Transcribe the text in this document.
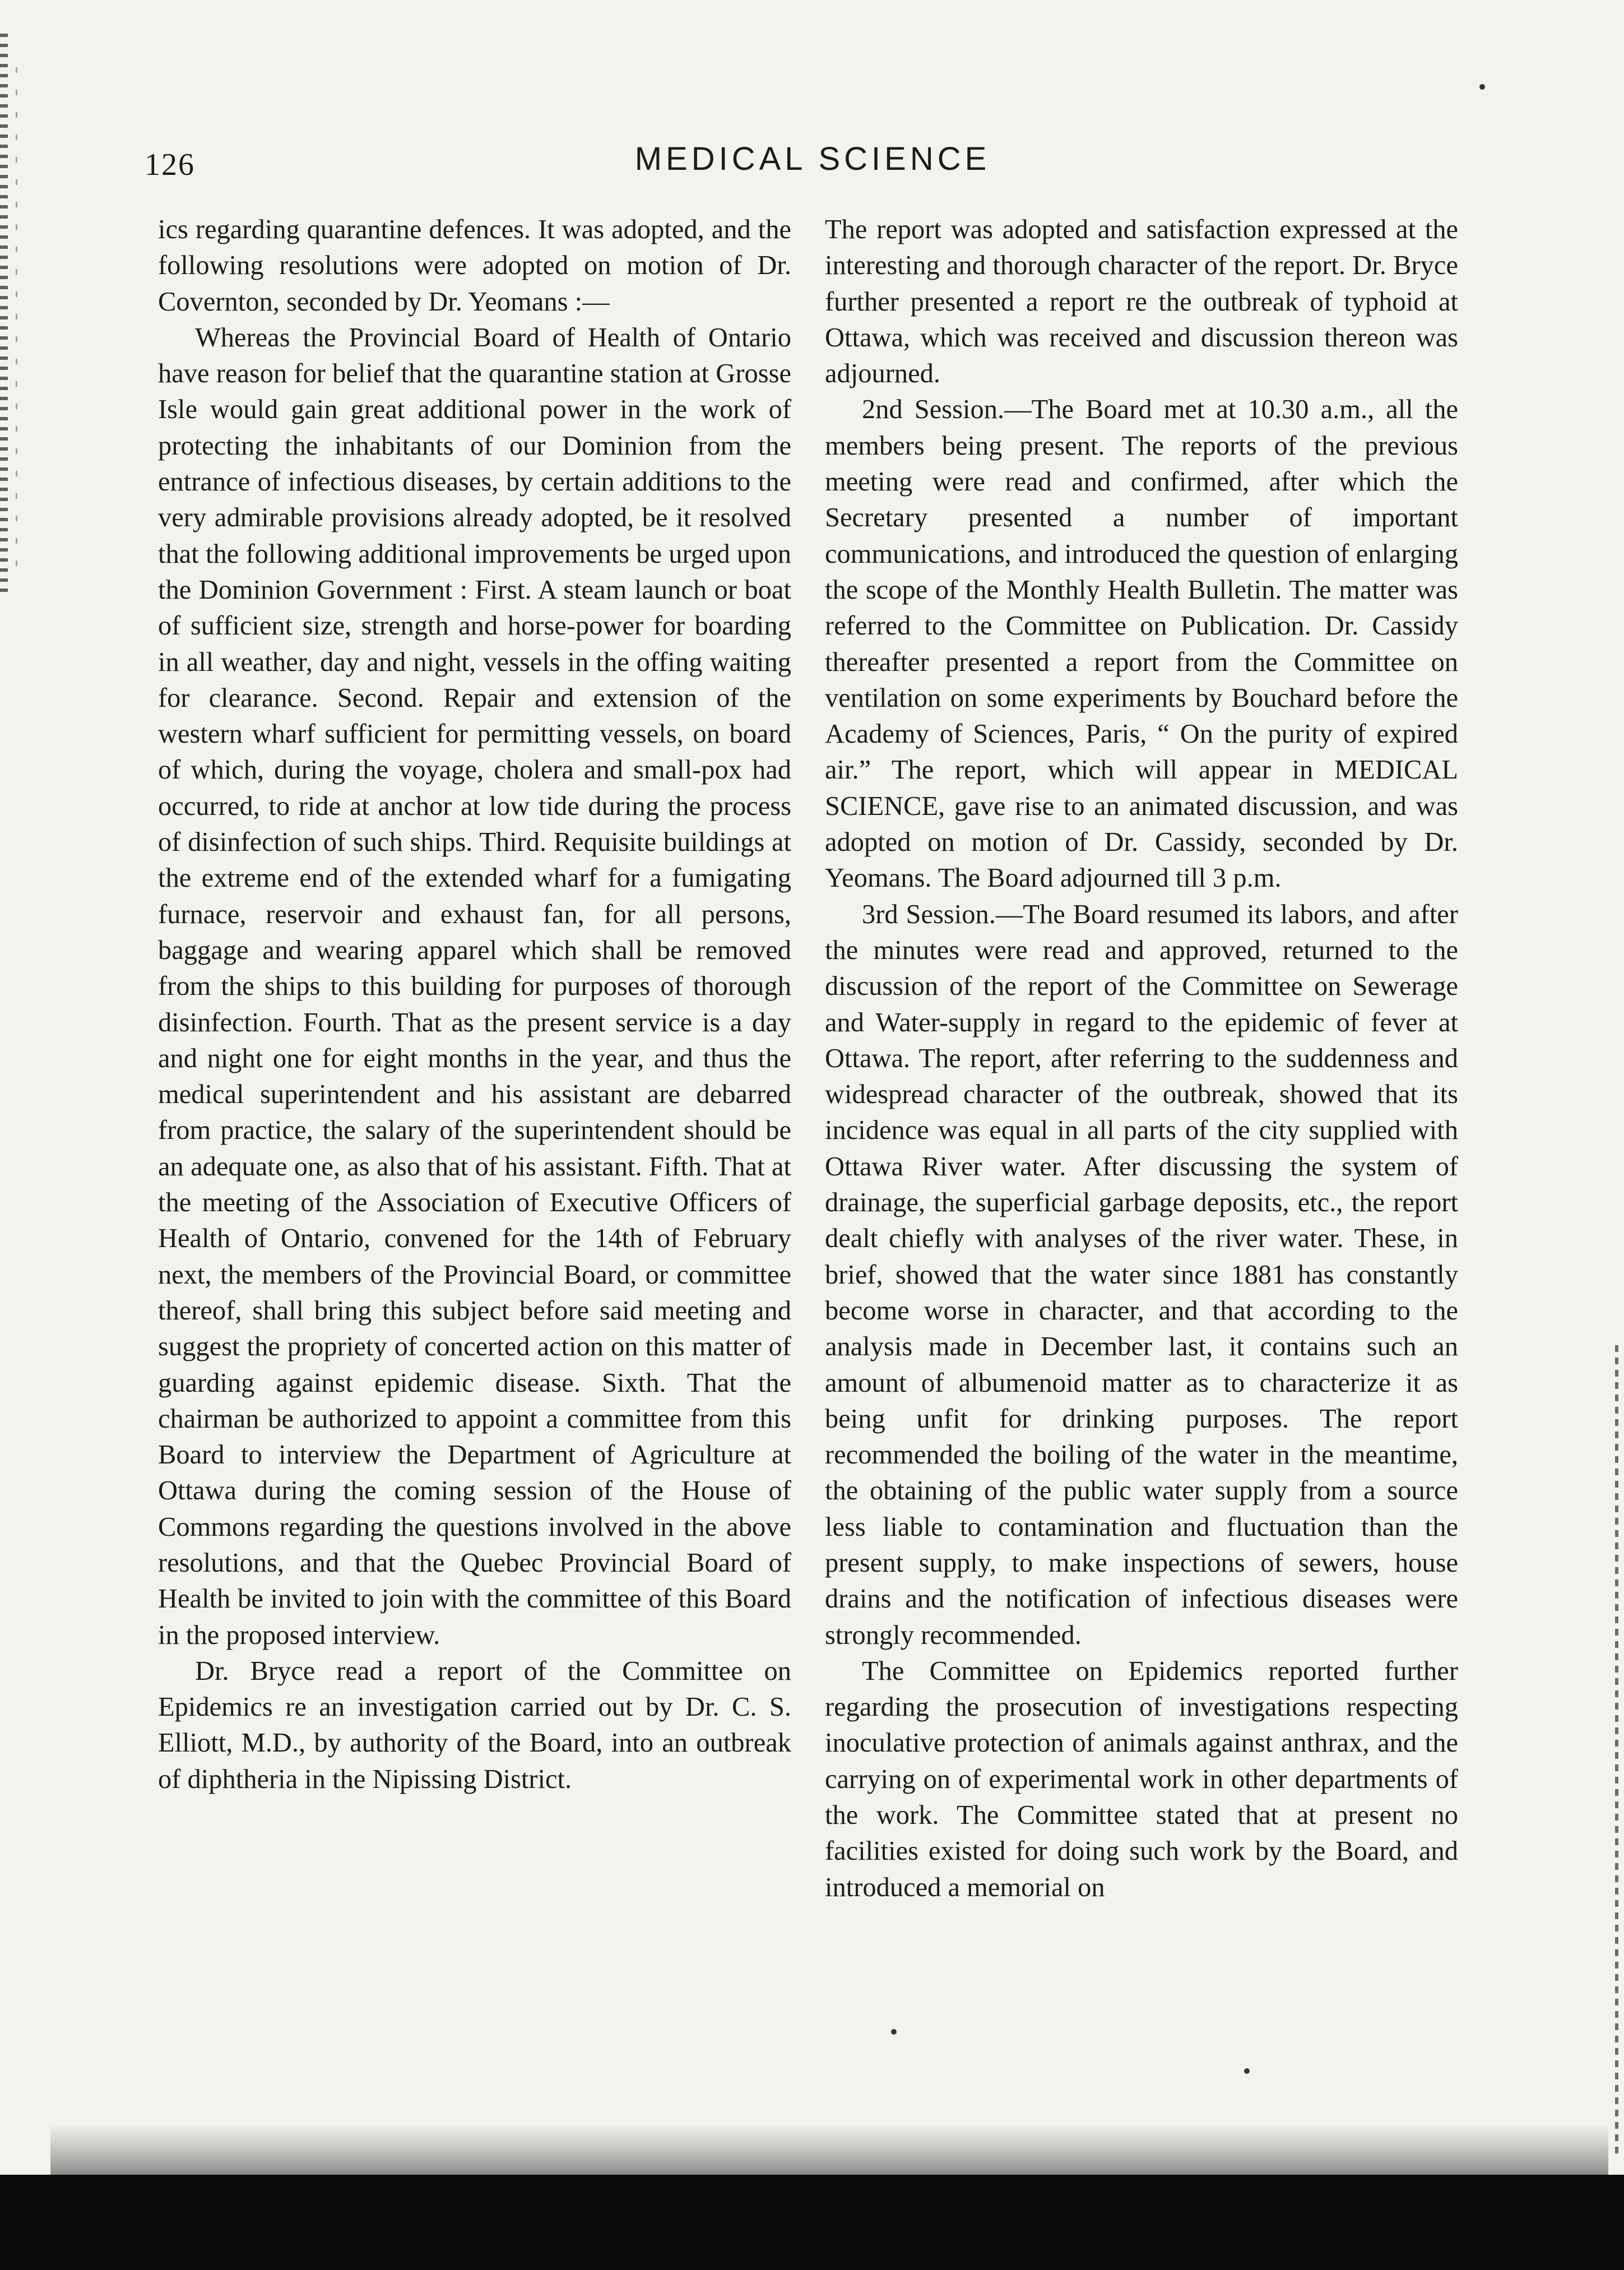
126	MEDICAL SCIENCE

ics regarding quarantine defences. It was adopted, and the following resolutions were adopted on motion of Dr. Covernton, seconded by Dr. Yeomans :—

Whereas the Provincial Board of Health of Ontario have reason for belief that the quarantine station at Grosse Isle would gain great additional power in the work of protecting the inhabitants of our Dominion from the entrance of infectious diseases, by certain additions to the very admirable provisions already adopted, be it resolved that the following additional improvements be urged upon the Dominion Government : First. A steam launch or boat of sufficient size, strength and horse-power for boarding in all weather, day and night, vessels in the offing waiting for clearance. Second. Repair and extension of the western wharf sufficient for permitting vessels, on board of which, during the voyage, cholera and small-pox had occurred, to ride at anchor at low tide during the process of disinfection of such ships. Third. Requisite buildings at the extreme end of the extended wharf for a fumigating furnace, reservoir and exhaust fan, for all persons, baggage and wearing apparel which shall be removed from the ships to this building for purposes of thorough disinfection. Fourth. That as the present service is a day and night one for eight months in the year, and thus the medical superintendent and his assistant are debarred from practice, the salary of the superintendent should be an adequate one, as also that of his assistant. Fifth. That at the meeting of the Association of Executive Officers of Health of Ontario, convened for the 14th of February next, the members of the Provincial Board, or committee thereof, shall bring this subject before said meeting and suggest the propriety of concerted action on this matter of guarding against epidemic disease. Sixth. That the chairman be authorized to appoint a committee from this Board to interview the Department of Agriculture at Ottawa during the coming session of the House of Commons regarding the questions involved in the above resolutions, and that the Quebec Provincial Board of Health be invited to join with the committee of this Board in the proposed interview.

Dr. Bryce read a report of the Committee on Epidemics re an investigation carried out by Dr. C. S. Elliott, M.D., by authority of the Board, into an outbreak of diphtheria in the Nipissing District.

The report was adopted and satisfaction expressed at the interesting and thorough character of the report. Dr. Bryce further presented a report re the outbreak of typhoid at Ottawa, which was received and discussion thereon was adjourned.

2nd Session.—The Board met at 10.30 a.m., all the members being present. The reports of the previous meeting were read and confirmed, after which the Secretary presented a number of important communications, and introduced the question of enlarging the scope of the Monthly Health Bulletin. The matter was referred to the Committee on Publication. Dr. Cassidy thereafter presented a report from the Committee on ventilation on some experiments by Bouchard before the Academy of Sciences, Paris, “ On the purity of expired air.” The report, which will appear in MEDICAL SCIENCE, gave rise to an animated discussion, and was adopted on motion of Dr. Cassidy, seconded by Dr. Yeomans. The Board adjourned till 3 p.m.

3rd Session.—The Board resumed its labors, and after the minutes were read and approved, returned to the discussion of the report of the Committee on Sewerage and Water-supply in regard to the epidemic of fever at Ottawa. The report, after referring to the suddenness and widespread character of the outbreak, showed that its incidence was equal in all parts of the city supplied with Ottawa River water. After discussing the system of drainage, the superficial garbage deposits, etc., the report dealt chiefly with analyses of the river water. These, in brief, showed that the water since 1881 has constantly become worse in character, and that according to the analysis made in December last, it contains such an amount of albumenoid matter as to characterize it as being unfit for drinking purposes. The report recommended the boiling of the water in the meantime, the obtaining of the public water supply from a source less liable to contamination and fluctuation than the present supply, to make inspections of sewers, house drains and the notification of infectious diseases were strongly recommended.

The Committee on Epidemics reported further regarding the prosecution of investigations respecting inoculative protection of animals against anthrax, and the carrying on of experimental work in other departments of the work. The Committee stated that at present no facilities existed for doing such work by the Board, and introduced a memorial on
